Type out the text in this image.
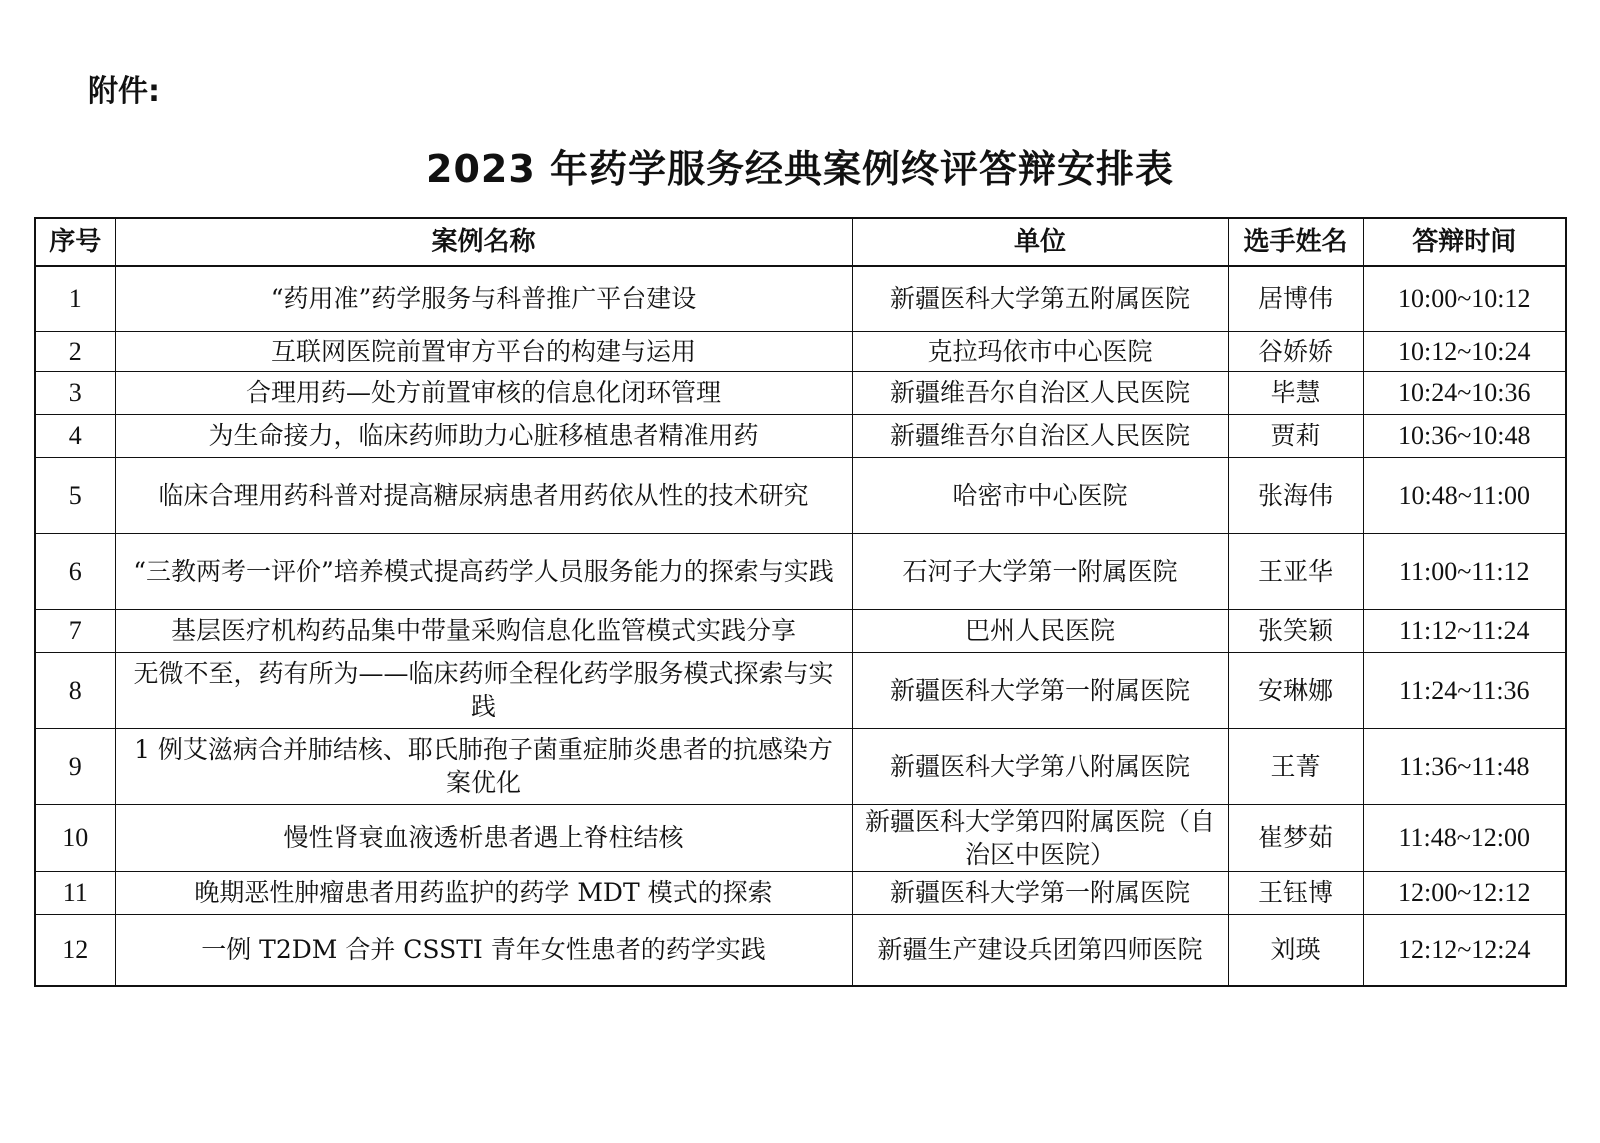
附件:
2023 年药学服务经典案例终评答辩安排表
序号	案例名称	单位	选手姓名	答辩时间
1	“药用准”药学服务与科普推广平台建设	新疆医科大学第五附属医院	居博伟	10:00~10:12
2	互联网医院前置审方平台的构建与运用	克拉玛依市中心医院	谷娇娇	10:12~10:24
3	合理用药—处方前置审核的信息化闭环管理	新疆维吾尔自治区人民医院	毕慧	10:24~10:36
4	为生命接力，临床药师助力心脏移植患者精准用药	新疆维吾尔自治区人民医院	贾莉	10:36~10:48
5	临床合理用药科普对提高糖尿病患者用药依从性的技术研究	哈密市中心医院	张海伟	10:48~11:00
6	“三教两考一评价”培养模式提高药学人员服务能力的探索与实践	石河子大学第一附属医院	王亚华	11:00~11:12
7	基层医疗机构药品集中带量采购信息化监管模式实践分享	巴州人民医院	张笑颖	11:12~11:24
8	无微不至，药有所为——临床药师全程化药学服务模式探索与实践	新疆医科大学第一附属医院	安琳娜	11:24~11:36
9	1 例艾滋病合并肺结核、耶氏肺孢子菌重症肺炎患者的抗感染方案优化	新疆医科大学第八附属医院	王菁	11:36~11:48
10	慢性肾衰血液透析患者遇上脊柱结核	新疆医科大学第四附属医院（自治区中医院）	崔梦茹	11:48~12:00
11	晚期恶性肿瘤患者用药监护的药学 MDT 模式的探索	新疆医科大学第一附属医院	王钰博	12:00~12:12
12	一例 T2DM 合并 CSSTI 青年女性患者的药学实践	新疆生产建设兵团第四师医院	刘瑛	12:12~12:24
